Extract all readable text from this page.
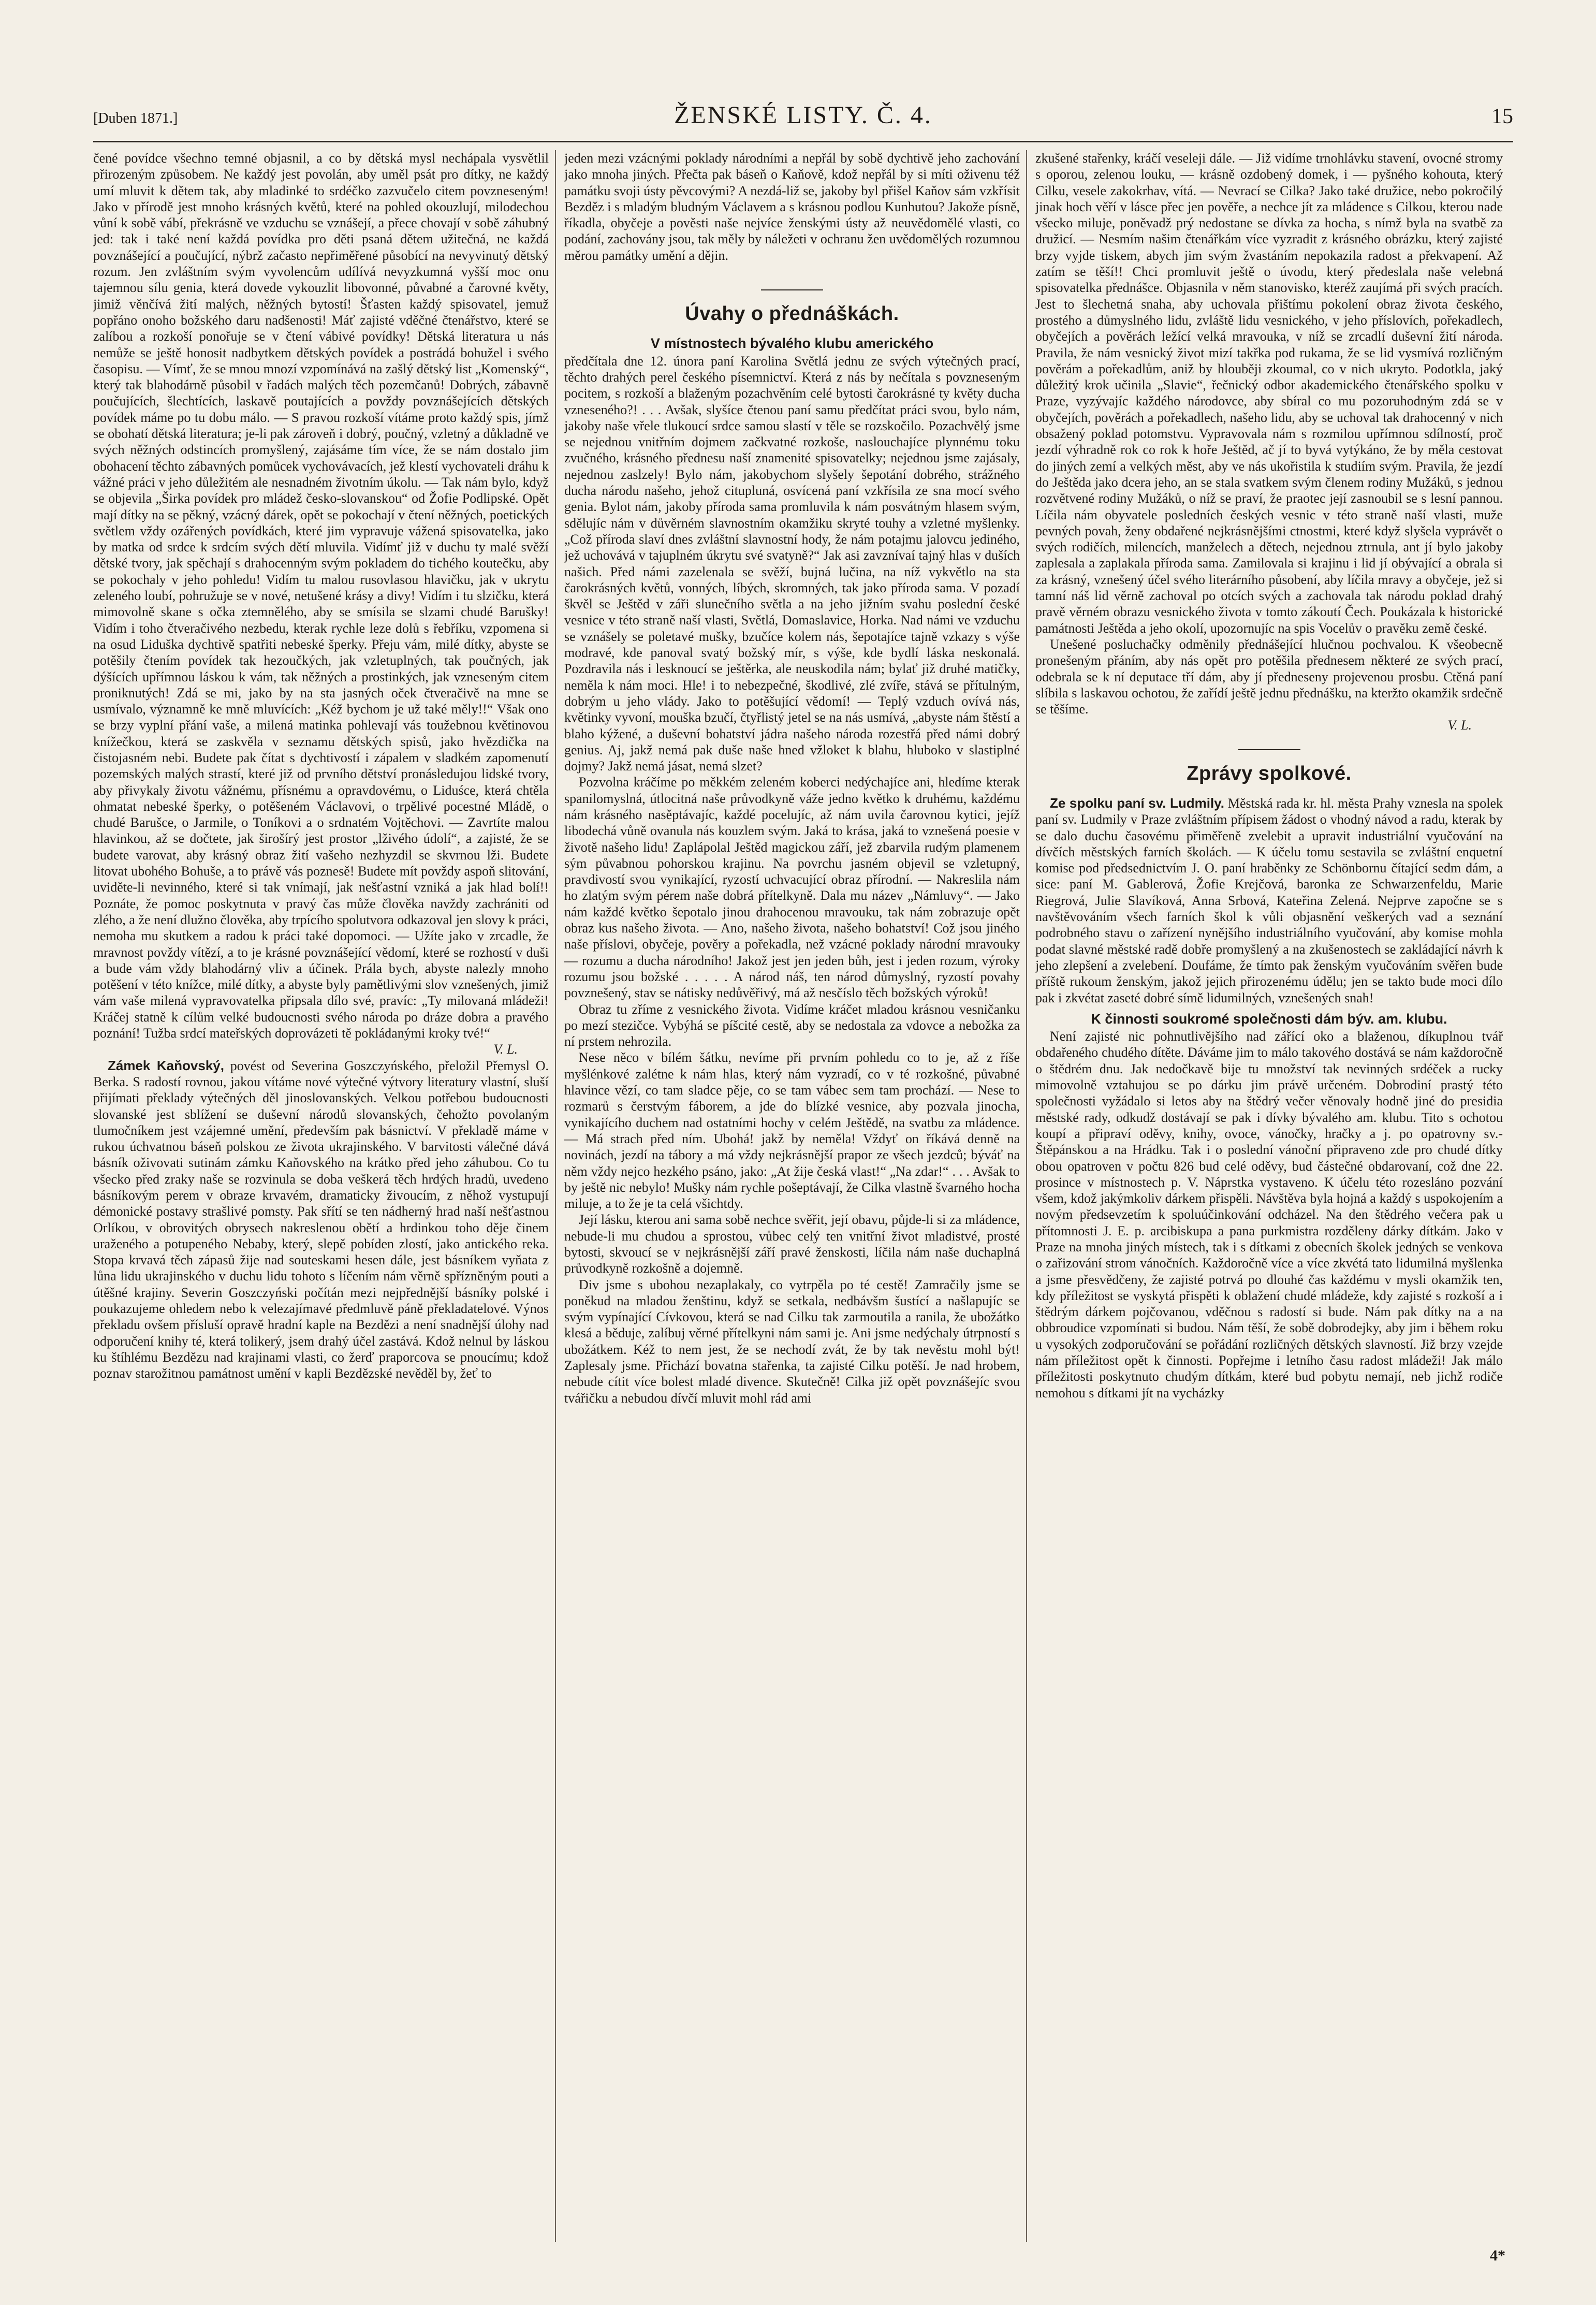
[Duben 1871.]	ŽENSKÉ LISTY. Č. 4.	15

čené povídce všechno temné objasnil, a co by dětská mysl nechápala vysvětlil přirozeným způsobem. Ne každý jest povolán, aby uměl psát pro dítky, ne každý umí mluvit k dětem tak, aby mladinké to srdéčko zazvučelo citem povzneseným! Jako v přírodě jest mnoho krásných květů, které na pohled okouzlují, milodechou vůní k sobě vábí, překrásně ve vzduchu se vznášejí, a přece chovají v sobě záhubný jed: tak i také není každá povídka pro děti psaná dětem užitečná, ne každá povznášející a poučující, nýbrž začasto nepřiměřené působící na nevyvinutý dětský rozum. Jen zvláštním svým vyvolencům udílívá nevyzkumná vyšší moc onu tajemnou sílu genia, která dovede vykouzlit libovonné, půvabné a čarovné květy, jimiž věnčívá žití malých, něžných bytostí! Šťasten každý spisovatel, jemuž popřáno onoho božského daru nadšenosti! Máť zajisté vděčné čtenářstvo, které se zalíbou a rozkoší ponořuje se v čtení vábivé povídky! Dětská literatura u nás nemůže se ještě honosit nadbytkem dětských povídek a postrádá bohužel i svého časopisu. — Vímť, že se mnou mnozí vzpomínává na zašlý dětský list „Komenský“, který tak blahodárně působil v řadách malých těch pozemčanů! Dobrých, zábavně poučujících, šlechtících, laskavě poutajících a povždy povznášejících dětských povídek máme po tu dobu málo. — S pravou rozkoší vítáme proto každý spis, jímž se obohatí dětská literatura; je-li pak zároveň i dobrý, poučný, vzletný a důkladně ve svých něžných odstincích promyšlený, zajásáme tím více, že se nám dostalo jim obohacení těchto zábavných pomůcek vychovávacích, jež klestí vychovateli dráhu k vážné práci v jeho důležitém ale nesnadném životním úkolu. — Tak nám bylo, když se objevila „Širka povídek pro mládež česko-slovanskou“ od Žofie Podlipské. Opět mají dítky na se pěkný, vzácný dárek, opět se pokochají v čtení něžných, poetických světlem vždy ozářených povídkách, které jim vypravuje vážená spisovatelka, jako by matka od srdce k srdcím svých dětí mluvila. Vidímť již v duchu ty malé svěží dětské tvory, jak spěchají s drahocenným svým pokladem do tichého koutečku, aby se pokochaly v jeho pohledu! Vidím tu malou rusovlasou hlavičku, jak v ukrytu zeleného loubí, pohružuje se v nové, netušené krásy a divy! Vidím i tu slzičku, která mimovolně skane s očka ztemnělého, aby se smísila se slzami chudé Barušky! Vidím i toho čtveračivého nezbedu, kterak rychle leze dolů s řebříku, vzpomena si na osud Liduška dychtivě spatřiti nebeské šperky. Přeju vám, milé dítky, abyste se potěšily čtením povídek tak hezoučkých, jak vzletuplných, tak poučných, jak dýšících upřímnou láskou k vám, tak něžných a prostinkých, jak vzneseným citem proniknutých! Zdá se mi, jako by na sta jasných oček čtveračivě na mne se usmívalo, významně ke mně mluvících: „Kéž bychom je už také měly!!“ Však ono se brzy vyplní přání vaše, a milená matinka pohlevají vás toužebnou květinovou knížečkou, která se zaskvěla v seznamu dětských spisů, jako hvězdička na čistojasném nebi. Budete pak čítat s dychtivostí i zápalem v sladkém zapomenutí pozemských malých strastí, které již od prvního dětství pronásledujou lidské tvory, aby přivykaly životu vážnému, přísnému a opravdovému, o Liduśce, která chtěla ohmatat nebeské šperky, o potěšeném Václavovi, o trpělivé pocestné Mládě, o chudé Barušce, o Jarmile, o Toníkovi a o srdnatém Vojtěchovi. — Zavrtíte malou hlavinkou, až se dočtete, jak širošírý jest prostor „lživého údolí“, a zajisté, že se budete varovat, aby krásný obraz žití vašeho nezhyzdil se skvrnou lži. Budete litovat ubohého Bohuše, a to právě vás poznesě! Budete mít povždy aspoň slitování, uviděte-li nevinného, které si tak vnímají, jak nešťastní vzniká a jak hlad bolí!! Poznáte, že pomoc poskytnuta v pravý čas může člověka navždy zachrániti od zlého, a že není dlužno člověka, aby trpícího spolutvora odkazoval jen slovy k práci, nemoha mu skutkem a radou k práci také dopomoci. — Užíte jako v zrcadle, že mravnost povždy vítězí, a to je krásné povznášející vědomí, které se rozhostí v duši a bude vám vždy blahodárný vliv a účinek. Prála bych, abyste nalezly mnoho potěšení v této knížce, milé dítky, a abyste byly pamětlivými slov vznešených, jimiž vám vaše milená vypravovatelka připsala dílo své, pravíc: „Ty milovaná mládeži! Kráčej statně k cílům velké budoucnosti svého národa po dráze dobra a pravého poznání! Tužba srdcí mateřských doprovázeti tě pokládanými kroky tvé!“

V. L.

Zámek Kaňovský, povést od Severina Goszczyńského, přeložil Přemysl O. Berka. S radostí rovnou, jakou vítáme nové výtečné výtvory literatury vlastní, sluší přijímati překlady výtečných děl jinoslovanských. Velkou potřebou budoucnosti slovanské jest sblížení se duševní národů slovanských, čehožto povolaným tlumočníkem jest vzájemné umění, především pak básnictví. V překladě máme v rukou úchvatnou báseň polskou ze života ukrajinského. V barvitosti válečné dává básník oživovati sutinám zámku Kaňovského na krátko před jeho záhubou. Co tu všecko před zraky naše se rozvinula se doba veškerá těch hrdých hradů, uvedeno básníkovým perem v obraze krvavém, dramaticky živoucím, z něhož vystupují démonické postavy strašlivé pomsty. Pak sřítí se ten nádherný hrad naší nešťastnou Orlíkou, v obrovitých obrysech nakreslenou obětí a hrdinkou toho děje činem uraženého a potupeného Nebaby, který, slepě pobíden zlostí, jako antického reka. Stopa krvavá těch zápasů žije nad souteskami hesen dále, jest básníkem vyňata z lůna lidu ukrajinského v duchu lidu tohoto s líčením nám věrně spřízněným pouti a útěšné krajiny. Severin Goszczyński počítán mezi nejpřednější básníky polské i poukazujeme ohledem nebo k velezajímavé předmluvě páně překladatelové. Výnos překladu ovšem přísluší opravě hradní kaple na Bezdězi a není snadnější úlohy nad odporučení knihy té, která tolikerý, jsem drahý účel zastává. Kdož nelnul by láskou ku štíhlému Bezdězu nad krajinami vlasti, co žerď praporcova se pnoucímu; kdož poznav starožitnou památnost umění v kapli Bezdězské nevěděl by, žeť to

jeden mezi vzácnými poklady národními a nepřál by sobě dychtivě jeho zachování jako mnoha jiných. Přečta pak báseň o Kaňově, kdož nepřál by si míti oživenu též památku svoji ústy pěvcovými? A nezdá-liž se, jakoby byl přišel Kaňov sám vzkřísit Bezděz i s mladým bludným Václavem a s krásnou podlou Kunhutou? Jakože písně, říkadla, obyčeje a pověsti naše nejvíce ženskými ústy až neuvědomělé vlasti, co podání, zachovány jsou, tak měly by náležeti v ochranu žen uvědomělých rozumnou měrou památky umění a dějin.

Úvahy o přednáškách.
V místnostech bývalého klubu amerického

předčítala dne 12. února paní Karolina Světlá jednu ze svých výtečných prací, těchto drahých perel českého písemnictví. Která z nás by nečítala s povzneseným pocitem, s rozkoší a blaženým pozachvěním celé bytosti čarokrásné ty květy ducha vzneseného?! . . . Avšak, slyšíce čtenou paní samu předčítat práci svou, bylo nám, jakoby naše vřele tlukoucí srdce samou slastí v těle se rozskočilo. Pozachvělý jsme se nejednou vnitřním dojmem začkvatné rozkoše, naslouchajíce plynnému toku zvučného, krásného přednesu naší znamenité spisovatelky; nejednou jsme zajásaly, nejednou zaslzely! Bylo nám, jakobychom slyšely šepotání dobrého, strážného ducha národu našeho, jehož citupluná, osvícená paní vzkřísila ze sna mocí svého genia. Bylot nám, jakoby příroda sama promluvila k nám posvátným hlasem svým, sdělujíc nám v důvěrném slavnostním okamžiku skryté touhy a vzletné myšlenky. „Což příroda slaví dnes zvláštní slavnostní hody, že nám potajmu jalovcu jediného, jež uchovává v tajuplném úkrytu své svatyně?“ Jak asi zavznívaí tajný hlas v duších našich. Před námi zazelenala se svěží, bujná lučina, na níž vykvětlo na sta čarokrásných květů, vonných, líbých, skromných, tak jako příroda sama. V pozadí škvěl se Ještěd v záři slunečního světla a na jeho jižním svahu poslední české vesnice v této straně naší vlasti, Světlá, Domaslavice, Horka. Nad námi ve vzduchu se vznášely se poletavé mušky, bzučíce kolem nás, šepotajíce tajně vzkazy s výše modravé, kde panoval svatý božský mír, s výše, kde bydlí láska neskonalá. Pozdravila nás i lesknoucí se ještěrka, ale neuskodila nám; bylať již druhé matičky, neměla k nám moci. Hle! i to nebezpečné, škodlivé, zlé zvíře, stává se přítulným, dobrým u jeho vlády. Jako to potěšující vědomí! — Teplý vzduch ovívá nás, květinky vyvoní, mouška bzučí, čtyřlistý jetel se na nás usmívá, „abyste nám štěstí a blaho kýžené, a duševní bohatství jádra našeho národa rozestřá před námi dobrý genius. Aj, jakž nemá pak duše naše hned vžloket k blahu, hluboko v slastiplné dojmy? Jakž nemá jásat, nemá slzet?

Pozvolna kráčíme po měkkém zeleném koberci nedýchajíce ani, hledíme kterak spanilomyslná, útlocitná naše průvodkyně váže jedno květko k druhému, každému nám krásného nasěptávajíc, každé pocelujíc, až nám uvila čarovnou kytici, jejíž libodechá vůně ovanula nás kouzlem svým. Jaká to krása, jaká to vznešená poesie v životě našeho lidu! Zaplápolal Ještěd magickou září, jež zbarvila rudým plamenem sým půvabnou pohorskou krajinu. Na povrchu jasném objevil se vzletupný, pravdivostí svou vynikající, ryzostí uchvacující obraz přírodní. — Nakreslila nám ho zlatým svým pérem naše dobrá přítelkyně. Dala mu název „Námluvy“. — Jako nám každé květko šepotalo jinou drahocenou mravouku, tak nám zobrazuje opět obraz kus našeho života. — Ano, našeho života, našeho bohatství! Což jsou jiného naše příslovi, obyčeje, pověry a pořekadla, než vzácné poklady národní mravouky — rozumu a ducha národního! Jakož jest jen jeden bůh, jest i jeden rozum, výroky rozumu jsou božské . . . . . A národ náš, ten národ důmyslný, ryzostí povahy povznešený, stav se nátisky nedůvěřivý, má až nesčíslo těch božských výroků!

Obraz tu zříme z vesnického života. Vidíme kráčet mladou krásnou vesničanku po mezí stezičce. Vybýhá se píšcité cestě, aby se nedostala za vdovce a nebožka za ní prstem nehrozila.

Nese něco v bílém šátku, nevíme při prvním pohledu co to je, až z říše myšlénkové zalétne k nám hlas, který nám vyzradí, co v té rozkošné, půvabné hlavince vězí, co tam sladce pěje, co se tam vábec sem tam prochází. — Nese to rozmarů s čerstvým fáborem, a jde do blízké vesnice, aby pozvala jinocha, vynikajícího duchem nad ostatními hochy v celém Ještědě, na svatbu za mládence. — Má strach před ním. Ubohá! jakž by neměla! Vždyť on říkává denně na novinách, jezdí na tábory a má vždy nejkrásnější prapor ze všech jezdců; býváť na něm vždy nejco hezkého psáno, jako: „At žije česká vlast!“ „Na zdar!“ . . . Avšak to by ještě nic nebylo! Mušky nám rychle pošeptávají, že Cilka vlastně švarného hocha miluje, a to že je ta celá všichtdy.

Její lásku, kterou ani sama sobě nechce svěřit, její obavu, půjde-li si za mládence, nebude-li mu chudou a sprostou, vůbec celý ten vnitřní život mladistvé, prosté bytosti, skvoucí se v nejkrásnější září pravé ženskosti, líčila nám naše duchaplná průvodkyně rozkošně a dojemně.

Div jsme s ubohou nezaplakaly, co vytrpěla po té cestě! Zamračily jsme se poněkud na mladou ženštinu, když se setkala, nedbávšm šustící a našlapujíc se svým vypínající Cívkovou, která se nad Cilku tak zarmoutila a ranila, že ubožátko klesá a běduje, zalíbuj věrné přítelkyni nám sami je. Ani jsme nedýchaly útrpností s ubožátkem. Kéž to nem jest, že se nechodí zvát, že by tak nevěstu mohl být! Zaplesaly jsme. Přichází bovatna stařenka, ta zajisté Cilku potěší. Je nad hrobem, nebude cítit více bolest mladé divence. Skutečně! Cilka již opět povznášejíc svou tvářičku a nebudou dívčí mluvit mohl rád ami

zkušené stařenky, kráčí veseleji dále. — Již vidíme trnohlávku stavení, ovocné stromy s oporou, zelenou louku, — krásně ozdobený domek, i — pyšného kohouta, který Cilku, vesele zakokrhav, vítá. — Nevrací se Cilka? Jako také družice, nebo pokročilý jinak hoch věří v lásce přec jen pověře, a nechce jít za mládence s Cilkou, kterou nade všecko miluje, poněvadž prý nedostane se dívka za hocha, s nímž byla na svatbě za družicí. — Nesmím našim čtenářkám více vyzradit z krásného obrázku, který zajisté brzy vyjde tiskem, abych jim svým žvastáním nepokazila radost a překvapení. Až zatím se těší!! Chci promluvit ještě o úvodu, který předeslala naše velebná spisovatelka přednášce. Objasnila v něm stanovisko, kteréž zaujímá při svých pracích. Jest to šlechetná snaha, aby uchovala přištímu pokolení obraz života českého, prostého a důmyslného lidu, zvláště lidu vesnického, v jeho příslovích, pořekadlech, obyčejích a pověrách ležící velká mravouka, v níž se zrcadlí duševní žití národa. Pravila, že nám vesnický život mizí takřka pod rukama, že se lid vysmívá rozličným pověrám a pořekadlům, aniž by hlouběji zkoumal, co v nich ukryto. Podotkla, jaký důležitý krok učinila „Slavie“, řečnický odbor akademického čtenářského spolku v Praze, vyzývajíc každého národovce, aby sbíral co mu pozoruhodným zdá se v obyčejích, pověrách a pořekadlech, našeho lidu, aby se uchoval tak drahocenný v nich obsažený poklad potomstvu. Vypravovala nám s rozmilou upřímnou sdílností, proč jezdí výhradně rok co rok k hoře Ještěd, ač jí to byvá vytýkáno, že by měla cestovat do jiných zemí a velkých měst, aby ve nás ukořistila k studiím svým. Pravila, že jezdí do Ještěda jako dcera jeho, an se stala svatkem svým členem rodiny Mužáků, s jednou rozvětvené rodiny Mužáků, o níž se praví, že praotec její zasnoubil se s lesní pannou. Líčila nám obyvatele posledních českých vesnic v této straně naší vlasti, muže pevných povah, ženy obdařené nejkrásnějšími ctnostmi, které když slyšela vyprávět o svých rodičích, milencích, manželech a dětech, nejednou ztrnula, ant jí bylo jakoby zaplesala a zaplakala příroda sama. Zamilovala si krajinu i lid jí obývající a obrala si za krásný, vznešený účel svého literárního působení, aby líčila mravy a obyčeje, jež si tamní náš lid věrně zachoval po otcích svých a zachovala tak národu poklad drahý pravě věrném obrazu vesnického života v tomto zákoutí Čech. Poukázala k historické památnosti Ještěda a jeho okolí, upozornujíc na spis Vocelův o pravěku země české.

Unešené posluchačky odměnily přednášející hlučnou pochvalou. K všeobecně pronešeným přáním, aby nás opět pro potěšila přednesem některé ze svých prací, odebrala se k ní deputace tří dám, aby jí předneseny projevenou prosbu. Ctěná paní slíbila s laskavou ochotou, že zařídí ještě jednu přednášku, na kteržto okamžik srdečně se těšíme.

V. L.

Zprávy spolkové.

Ze spolku paní sv. Ludmily. Městská rada kr. hl. města Prahy vznesla na spolek paní sv. Ludmily v Praze zvláštním přípisem žádost o vhodný návod a radu, kterak by se dalo duchu časovému přiměřeně zvelebit a upravit industriální vyučování na dívčích městských farních školách. — K účelu tomu sestavila se zvláštní enquetní komise pod předsednictvím J. O. paní hraběnky ze Schönbornu čítající sedm dám, a sice: paní M. Gablerová, Žofie Krejčová, baronka ze Schwarzenfeldu, Marie Riegrová, Julie Slavíková, Anna Srbová, Kateřina Zelená. Nejprve započne se s navštěvováním všech farních škol k vůli objasnění veškerých vad a seznání podrobného stavu o zařízení nynějšího industriálního vyučování, aby komise mohla podat slavné městské radě dobře promyšlený a na zkušenostech se zakládající návrh k jeho zlepšení a zvelebení. Doufáme, že tímto pak ženským vyučováním svěřen bude příště rukoum ženským, jakož jejich přirozenému údělu; jen se takto bude moci dílo pak i zkvétat zaseté dobré símě lidumilných, vznešených snah!

K činnosti soukromé společnosti dám býv. am. klubu.

Není zajisté nic pohnutlivějšího nad zářící oko a blaženou, díkuplnou tvář obdařeného chudého dítěte. Dáváme jim to málo takového dostává se nám každoročně o štědrém dnu. Jak nedočkavě bije tu množství tak nevinných srdéček a rucky mimovolně vztahujou se po dárku jim právě určeném. Dobrodiní prastý této společnosti vyžádalo si letos aby na štědrý večer věnovaly hodně jiné do presidia městské rady, odkudž dostávají se pak i dívky bývalého am. klubu. Tito s ochotou koupí a připraví oděvy, knihy, ovoce, vánočky, hračky a j. po opatrovny sv.-Štěpánskou a na Hrádku. Tak i o poslední vánoční připraveno zde pro chudé dítky obou opatroven v počtu 826 bud celé oděvy, bud částečné obdarovaní, což dne 22. prosince v místnostech p. V. Náprstka vystaveno. K účelu této rozesláno pozvání všem, kdož jakýmkoliv dárkem přispěli. Návštěva byla hojná a každý s uspokojením a novým předsevzetím k spoluúčinkování odcházel. Na den štědrého večera pak u přítomnosti J. E. p. arcibiskupa a pana purkmistra rozděleny dárky dítkám. Jako v Praze na mnoha jiných místech, tak i s dítkami z obecních školek jedných se venkova o zařizování strom vánočních. Každoročně více a více zkvétá tato lidumilná myšlenka a jsme přesvědčeny, že zajisté potrvá po dlouhé čas každému v mysli okamžik ten, kdy příležitost se vyskytá přispěti k oblažení chudé mládeže, kdy zajisté s rozkoší a i štědrým dárkem pojčovanou, vděčnou s radostí si bude. Nám pak dítky na a na obbroudice vzpomínati si budou. Nám těší, že sobě dobrodejky, aby jim i během roku u vysokých zodporučování se pořádání rozličných dětských slavností. Již brzy vzejde nám příležitost opět k činnosti. Popřejme i letního času radost mládeži! Jak málo příležitosti poskytnuto chudým dítkám, které bud pobytu nemají, neb jichž rodiče nemohou s dítkami jít na vycházky

4*
